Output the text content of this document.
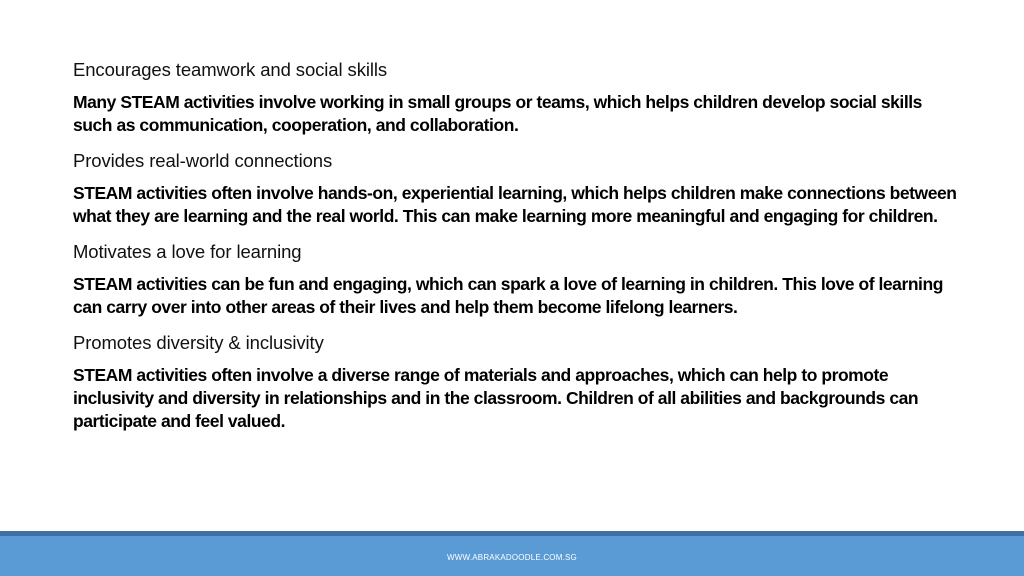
Encourages teamwork and social skills

Many STEAM activities involve working in small groups or teams, which helps children develop social skills such as communication, cooperation, and collaboration.

Provides real-world connections

STEAM activities often involve hands-on, experiential learning, which helps children make connections between what they are learning and the real world. This can make learning more meaningful and engaging for children.

Motivates a love for learning

STEAM activities can be fun and engaging, which can spark a love of learning in children. This love of learning can carry over into other areas of their lives and help them become lifelong learners.

Promotes diversity & inclusivity

STEAM activities often involve a diverse range of materials and approaches, which can help to promote inclusivity and diversity in relationships and in the classroom. Children of all abilities and backgrounds can participate and feel valued.

WWW.ABRAKADOODLE.COM.SG
